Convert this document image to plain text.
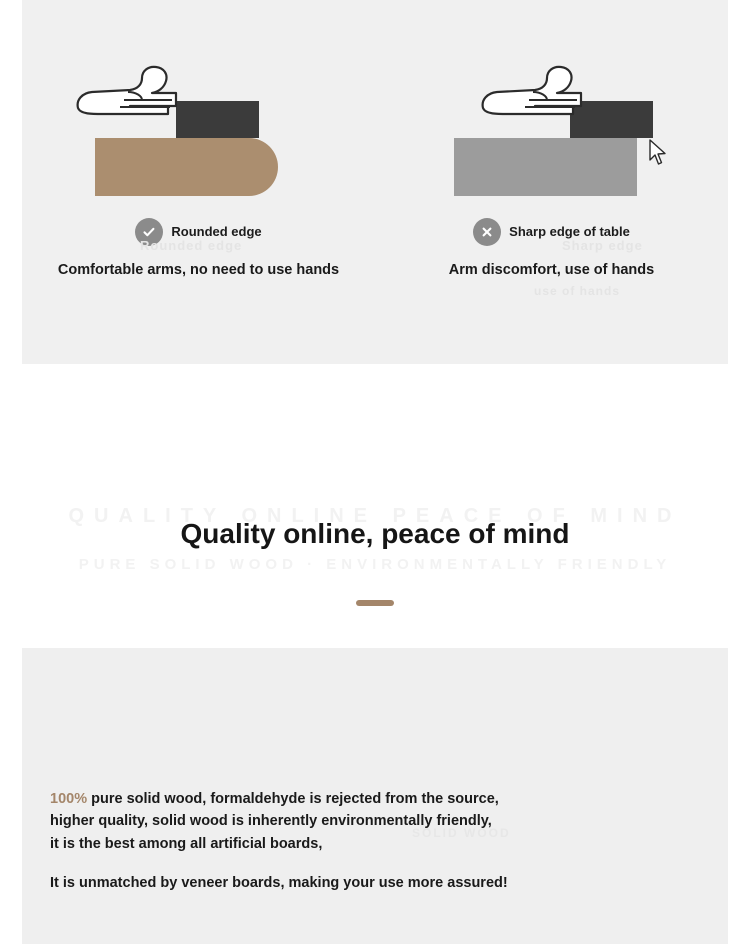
Rounded edge
Comfortable arms, no need to use hands
Sharp edge of table
Arm discomfort, use of hands
Rounded edge	Sharp edge
use of hands
QUALITY ONLINE PEACE OF MIND
Quality online, peace of mind
PURE SOLID WOOD · ENVIRONMENTALLY FRIENDLY
100% pure solid wood, formaldehyde is rejected from the source,
higher quality, solid wood is inherently environmentally friendly,
it is the best among all artificial boards,
It is unmatched by veneer boards, making your use more assured!
SOLID WOOD
